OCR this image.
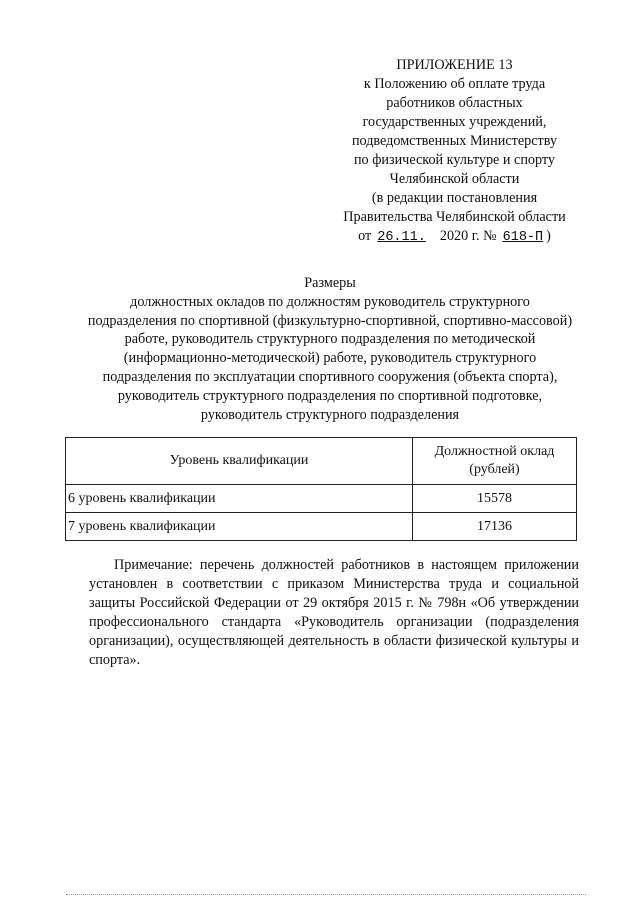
ПРИЛОЖЕНИЕ 13
к Положению об оплате труда
работников областных
государственных учреждений,
подведомственных Министерству
по физической культуре и спорту
Челябинской области
(в редакции постановления
Правительства Челябинской области
от 26.11. 2020 г. № 618-П )
Размеры
должностных окладов по должностям руководитель структурного
подразделения по спортивной (физкультурно-спортивной, спортивно-массовой)
работе, руководитель структурного подразделения по методической
(информационно-методической) работе, руководитель структурного
подразделения по эксплуатации спортивного сооружения (объекта спорта),
руководитель структурного подразделения по спортивной подготовке,
руководитель структурного подразделения
Уровень квалификации	Должностной оклад
(рублей)
6 уровень квалификации	15578
7 уровень квалификации	17136
Примечание: перечень должностей работников в настоящем приложении установлен в соответствии с приказом Министерства труда и социальной защиты Российской Федерации от 29 октября 2015 г. № 798н «Об утверждении профессионального стандарта «Руководитель организации (подразделения организации), осуществляющей деятельность в области физической культуры и спорта».
